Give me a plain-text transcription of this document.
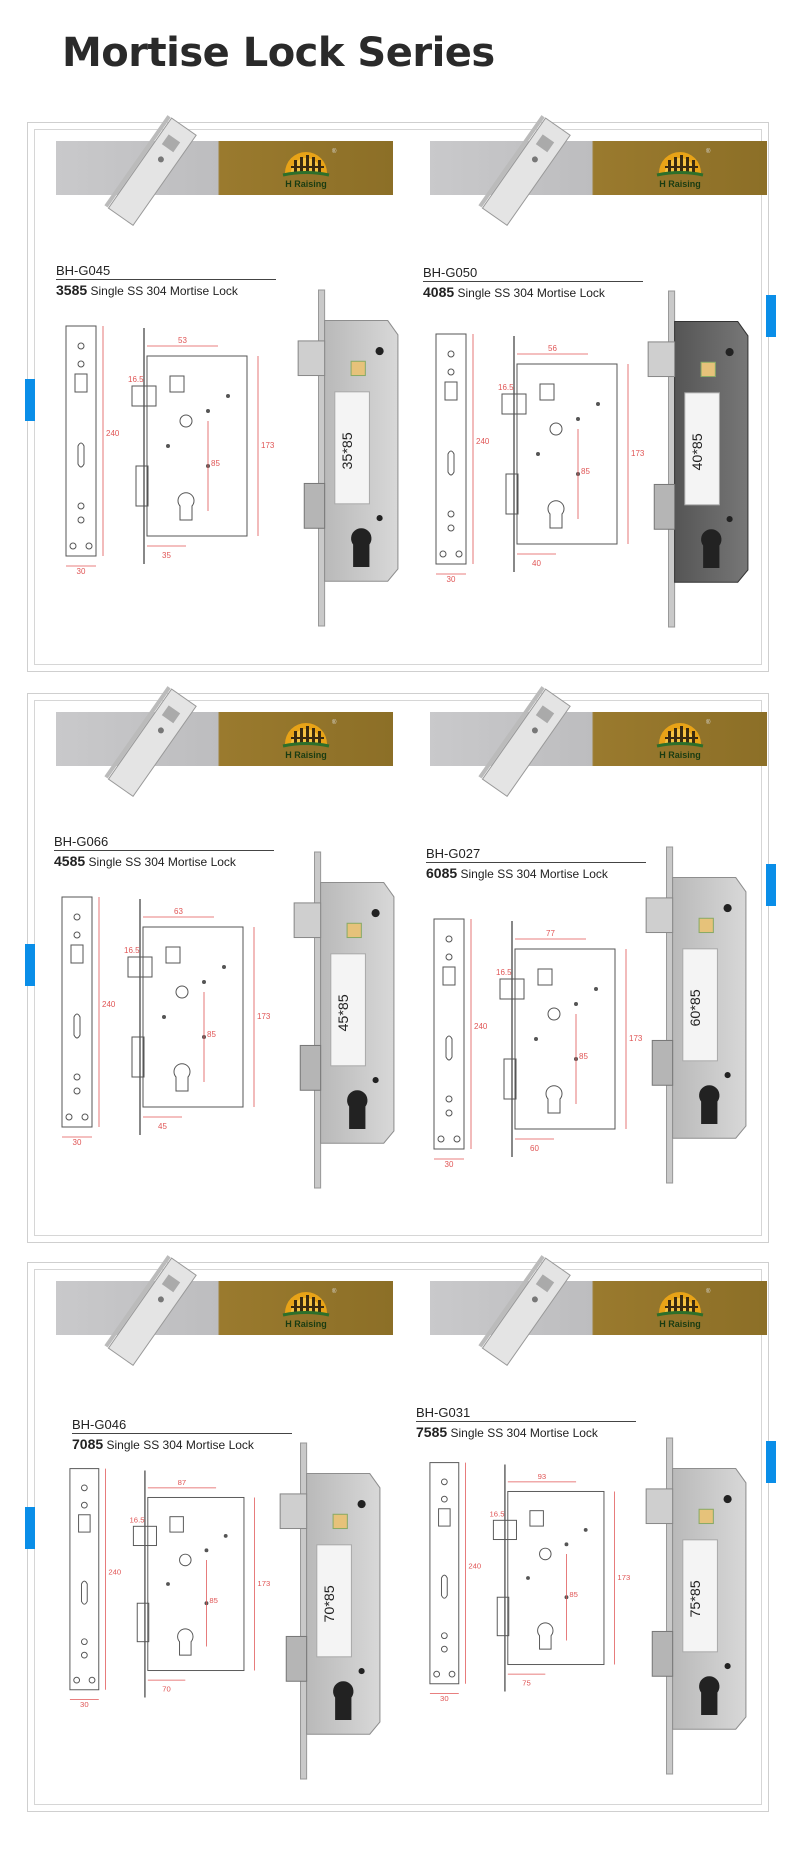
Mortise Lock Series
H Raising
®
BH-G045
3585 Single SS 304 Mortise Lock
30
240
53
16.5
35
85
173	35*85
H Raising
®
BH-G050
4085 Single SS 304 Mortise Lock
30
240
56
16.5
40
85
173	40*85
H Raising
®
BH-G066
4585 Single SS 304 Mortise Lock
30
240
63
16.5
45
85
173	45*85
H Raising
®
BH-G027
6085 Single SS 304 Mortise Lock
30
240
77
16.5
60
85
173
60*85
H Raising
®
BH-G046
7085 Single SS 304 Mortise Lock
30
240
87
16.5
70
85
173
70*85
H Raising
®
BH-G031
7585 Single SS 304 Mortise Lock
30
240
93
16.5
75
85
173
75*85
